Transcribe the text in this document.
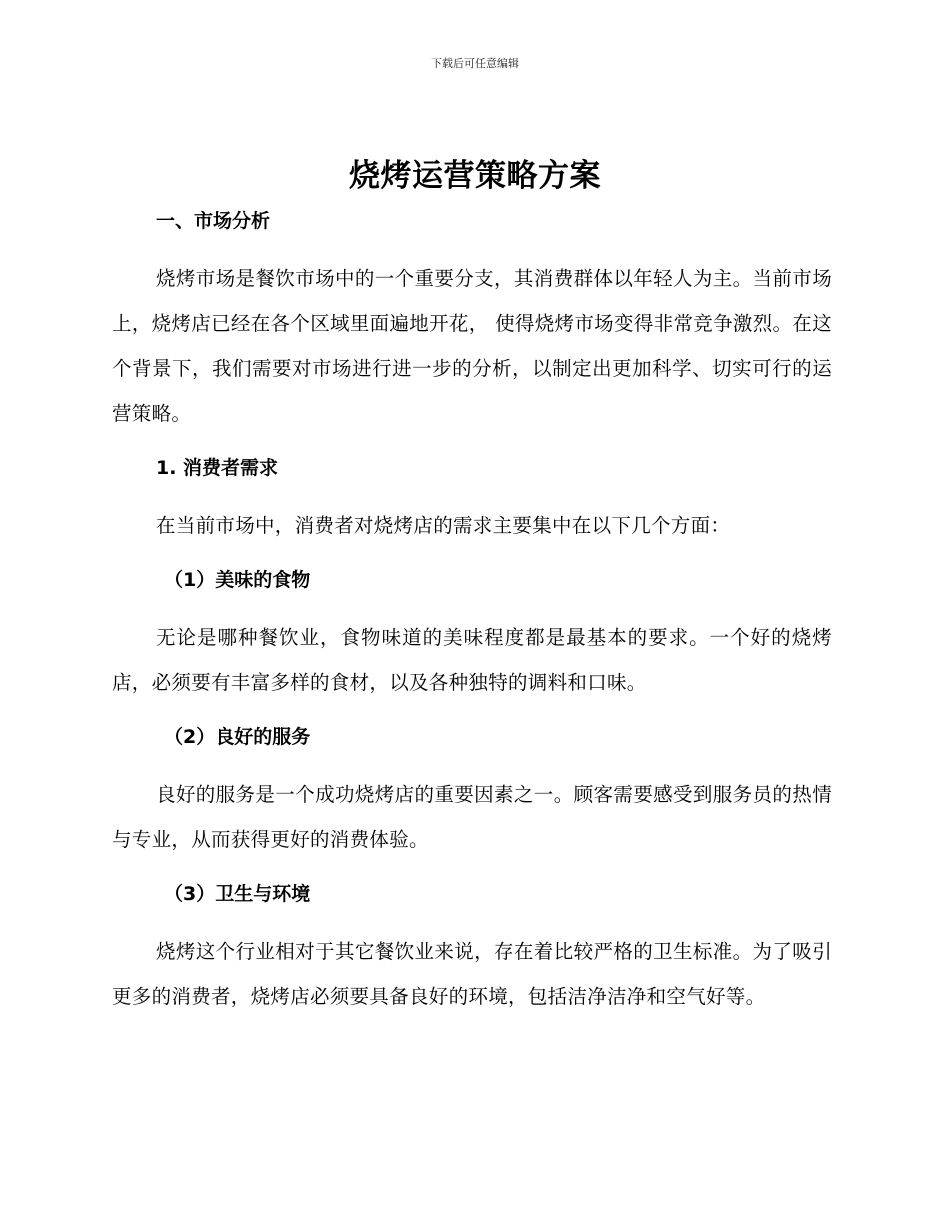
下载后可任意编辑
烧烤运营策略方案
一、市场分析

烧烤市场是餐饮市场中的一个重要分支，其消费群体以年轻人为主。当前市场上，烧烤店已经在各个区域里面遍地开花， 使得烧烤市场变得非常竞争激烈。在这个背景下，我们需要对市场进行进一步的分析，以制定出更加科学、切实可行的运营策略。

1. 消费者需求

在当前市场中，消费者对烧烤店的需求主要集中在以下几个方面：

（1）美味的食物

无论是哪种餐饮业，食物味道的美味程度都是最基本的要求。一个好的烧烤店，必须要有丰富多样的食材，以及各种独特的调料和口味。

（2）良好的服务

良好的服务是一个成功烧烤店的重要因素之一。顾客需要感受到服务员的热情与专业，从而获得更好的消费体验。

（3）卫生与环境

烧烤这个行业相对于其它餐饮业来说，存在着比较严格的卫生标准。为了吸引更多的消费者，烧烤店必须要具备良好的环境，包括洁净洁净和空气好等。
